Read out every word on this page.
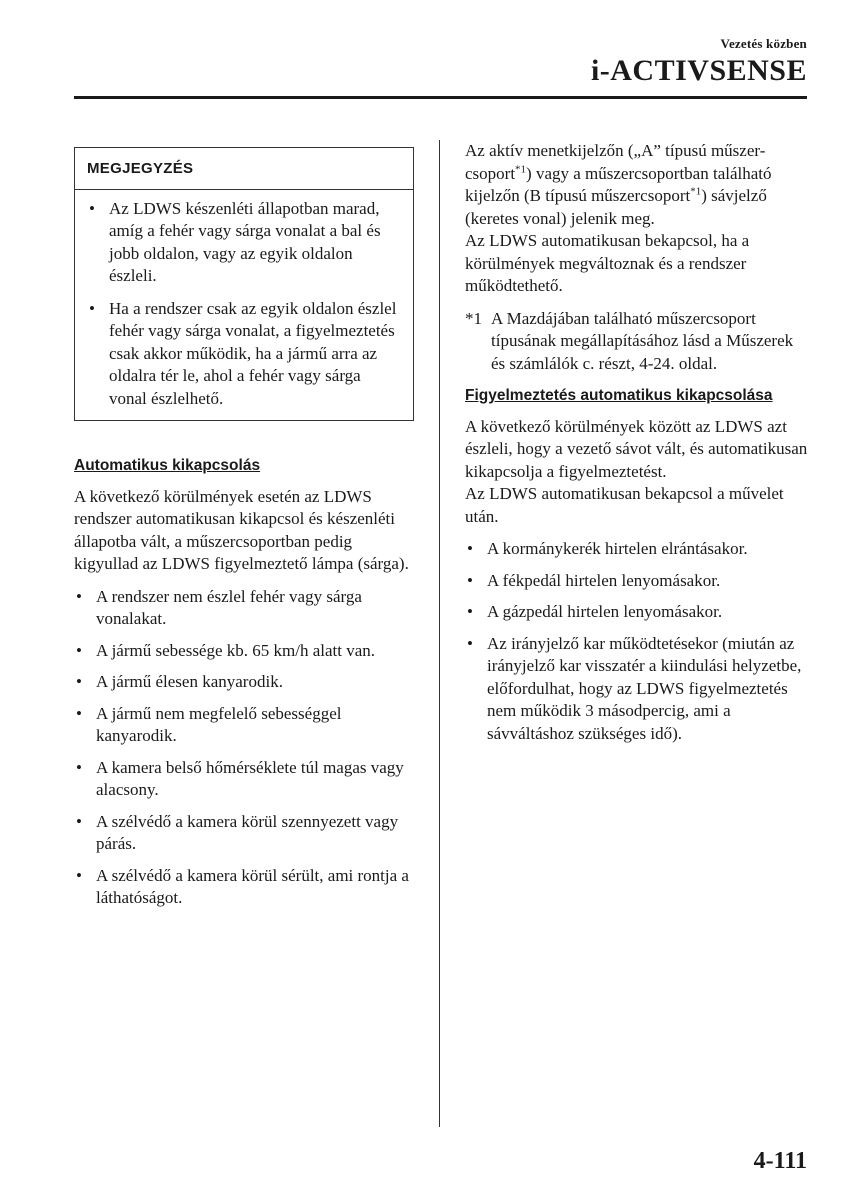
Vezetés közben
i-ACTIVSENSE
MEGJEGYZÉS
• Az LDWS készenléti állapotban marad, amíg a fehér vagy sárga vonalat a bal és jobb oldalon, vagy az egyik oldalon észleli.
• Ha a rendszer csak az egyik oldalon észlel fehér vagy sárga vonalat, a figyelmeztetés csak akkor működik, ha a jármű arra az oldalra tér le, ahol a fehér vagy sárga vonal észlelhető.
Automatikus kikapcsolás

A következő körülmények esetén az LDWS rendszer automatikusan kikapcsol és készenléti állapotba vált, a műszercsoportban pedig kigyullad az LDWS figyelmeztető lámpa (sárga).

• A rendszer nem észlel fehér vagy sárga vonalakat.
• A jármű sebessége kb. 65 km/h alatt van.
• A jármű élesen kanyarodik.
• A jármű nem megfelelő sebességgel kanyarodik.
• A kamera belső hőmérséklete túl magas vagy alacsony.
• A szélvédő a kamera körül szennyezett vagy párás.
• A szélvédő a kamera körül sérült, ami rontja a láthatóságot.

Az aktív menetkijelzőn („A” típusú műszer-csoport$^{*1}$) vagy a műszercsoportban található kijelzőn (B típusú műszercsoport$^{*1}$) sávjelző (keretes vonal) jelenik meg.

Az LDWS automatikusan bekapcsol, ha a körülmények megváltoznak és a rendszer működtethető.

*1 A Mazdájában található műszercsoport típusának megállapításához lásd a Műszerek és számlálók c. részt, 4-24. oldal.
Figyelmeztetés automatikus kikapcsolása

A következő körülmények között az LDWS azt észleli, hogy a vezető sávot vált, és automatikusan kikapcsolja a figyelmeztetést.

Az LDWS automatikusan bekapcsol a művelet után.

• A kormánykerék hirtelen elrántásakor.
• A fékpedál hirtelen lenyomásakor.
• A gázpedál hirtelen lenyomásakor.
• Az irányjelző kar működtetésekor (miután az irányjelző kar visszatér a kiindulási helyzetbe, előfordulhat, hogy az LDWS figyelmeztetés nem működik 3 másodpercig, ami a sávváltáshoz szükséges idő).
4-111
